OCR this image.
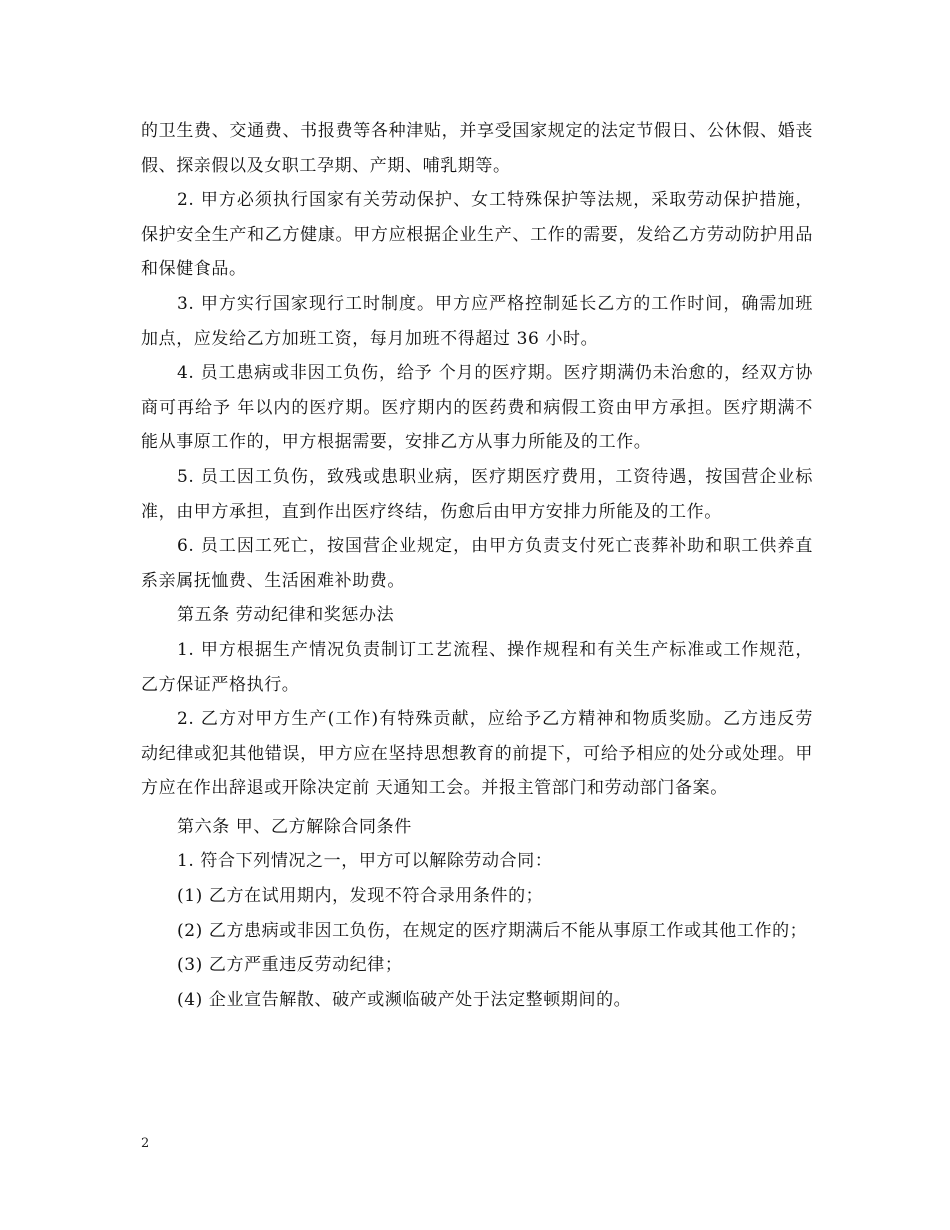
的卫生费、交通费、书报费等各种津贴，并享受国家规定的法定节假日、公休假、婚丧假、探亲假以及女职工孕期、产期、哺乳期等。

2. 甲方必须执行国家有关劳动保护、女工特殊保护等法规，采取劳动保护措施，保护安全生产和乙方健康。甲方应根据企业生产、工作的需要，发给乙方劳动防护用品和保健食品。

3. 甲方实行国家现行工时制度。甲方应严格控制延长乙方的工作时间，确需加班加点，应发给乙方加班工资，每月加班不得超过 36 小时。

4. 员工患病或非因工负伤，给予 个月的医疗期。医疗期满仍未治愈的，经双方协商可再给予 年以内的医疗期。医疗期内的医药费和病假工资由甲方承担。医疗期满不能从事原工作的，甲方根据需要，安排乙方从事力所能及的工作。

5. 员工因工负伤，致残或患职业病，医疗期医疗费用，工资待遇，按国营企业标准，由甲方承担，直到作出医疗终结，伤愈后由甲方安排力所能及的工作。

6. 员工因工死亡，按国营企业规定，由甲方负责支付死亡丧葬补助和职工供养直系亲属抚恤费、生活困难补助费。

第五条 劳动纪律和奖惩办法

1. 甲方根据生产情况负责制订工艺流程、操作规程和有关生产标准或工作规范，乙方保证严格执行。

2. 乙方对甲方生产(工作)有特殊贡献，应给予乙方精神和物质奖励。乙方违反劳动纪律或犯其他错误，甲方应在坚持思想教育的前提下，可给予相应的处分或处理。甲方应在作出辞退或开除决定前 天通知工会。并报主管部门和劳动部门备案。

第六条 甲、乙方解除合同条件

1. 符合下列情况之一，甲方可以解除劳动合同：

(1) 乙方在试用期内，发现不符合录用条件的；

(2) 乙方患病或非因工负伤，在规定的医疗期满后不能从事原工作或其他工作的；

(3) 乙方严重违反劳动纪律；

(4) 企业宣告解散、破产或濒临破产处于法定整顿期间的。

2
